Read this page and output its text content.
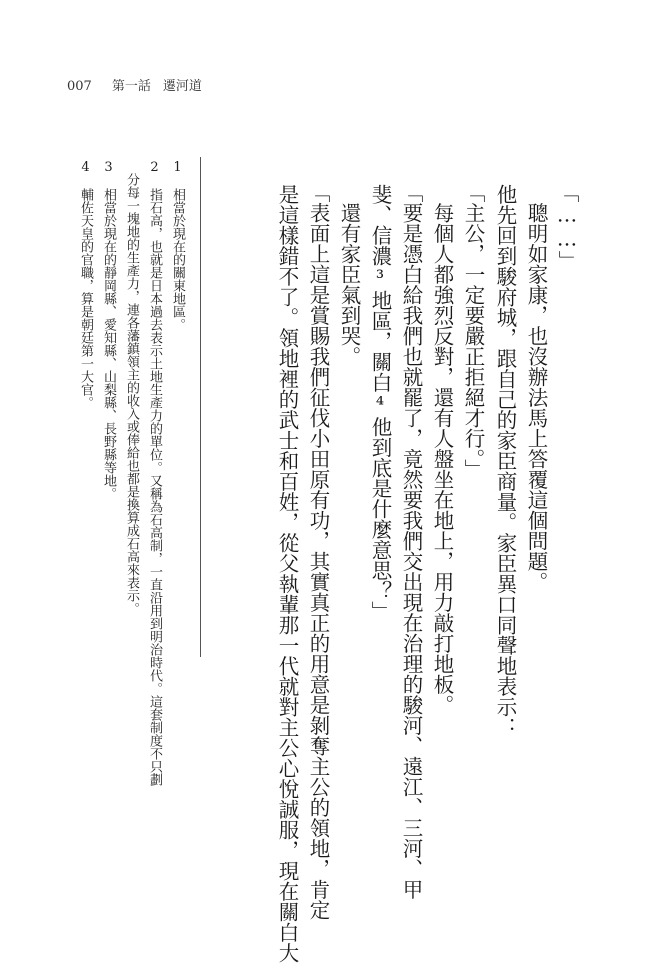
007 第一話 遷河道
「……」
　聰明如家康，也沒辦法馬上答覆這個問題。
他先回到駿府城，跟自己的家臣商量。家臣異口同聲地表示：
「主公，一定要嚴正拒絕才行。」
　每個人都強烈反對，還有人盤坐在地上，用力敲打地板。
「要是憑白給我們也就罷了，竟然要我們交出現在治理的駿河、遠江、三河、甲
斐、信濃³地區，關白⁴他到底是什麼意思？」
　還有家臣氣到哭。
「表面上這是賞賜我們征伐小田原有功，其實真正的用意是剝奪主公的領地，肯定
是這樣錯不了。領地裡的武士和百姓，從父執輩那一代就對主公心悅誠服，現在關白大
1　相當於現在的關東地區。
2　指石高，也就是日本過去表示土地生產力的單位。又稱為石高制，一直沿用到明治時代。這套制度不只劃
　分每一塊地的生產力，連各藩鎮領主的收入或俸給也都是換算成石高來表示。
3　相當於現在的靜岡縣、愛知縣、山梨縣、長野縣等地。
4　輔佐天皇的官職，算是朝廷第一大官。
